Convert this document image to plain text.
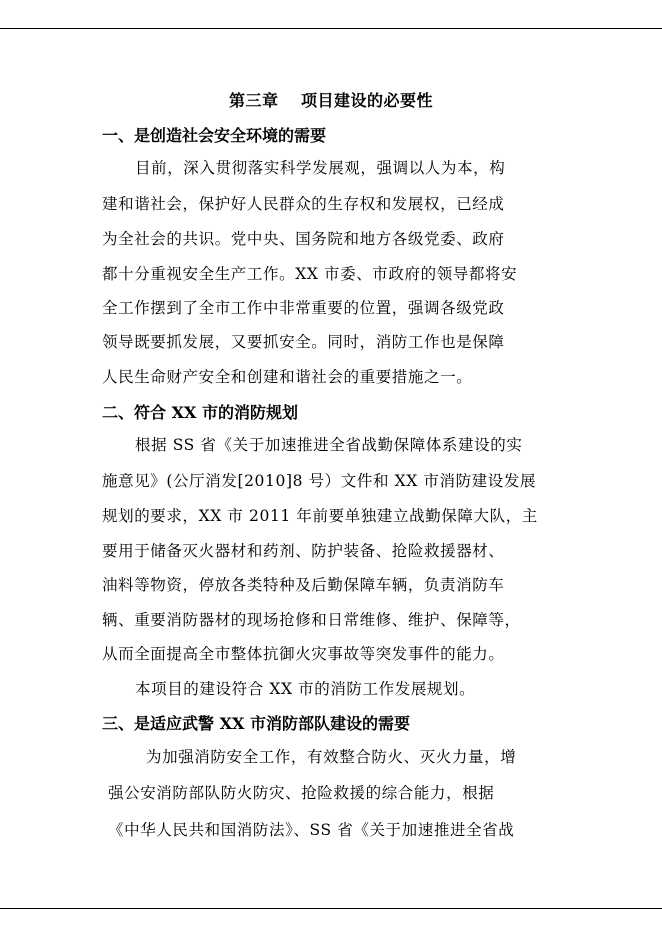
第三章　 项目建设的必要性
一、是创造社会安全环境的需要
目前，深入贯彻落实科学发展观，强调以人为本，构
建和谐社会，保护好人民群众的生存权和发展权，已经成
为全社会的共识。党中央、国务院和地方各级党委、政府
都十分重视安全生产工作。XX 市委、市政府的领导都将安
全工作摆到了全市工作中非常重要的位置，强调各级党政
领导既要抓发展，又要抓安全。同时，消防工作也是保障
人民生命财产安全和创建和谐社会的重要措施之一。
二、符合 XX 市的消防规划
根据 SS 省《关于加速推进全省战勤保障体系建设的实
施意见》(公厅消发[2010]8 号）文件和 XX 市消防建设发展
规划的要求，XX 市 2011 年前要单独建立战勤保障大队，主
要用于储备灭火器材和药剂、防护装备、抢险救援器材、
油料等物资，停放各类特种及后勤保障车辆，负责消防车
辆、重要消防器材的现场抢修和日常维修、维护、保障等，
从而全面提高全市整体抗御火灾事故等突发事件的能力。
本项目的建设符合 XX 市的消防工作发展规划。
三、是适应武警 XX 市消防部队建设的需要
为加强消防安全工作，有效整合防火、灭火力量，增
强公安消防部队防火防灾、抢险救援的综合能力，根据
《中华人民共和国消防法》、SS 省《关于加速推进全省战
